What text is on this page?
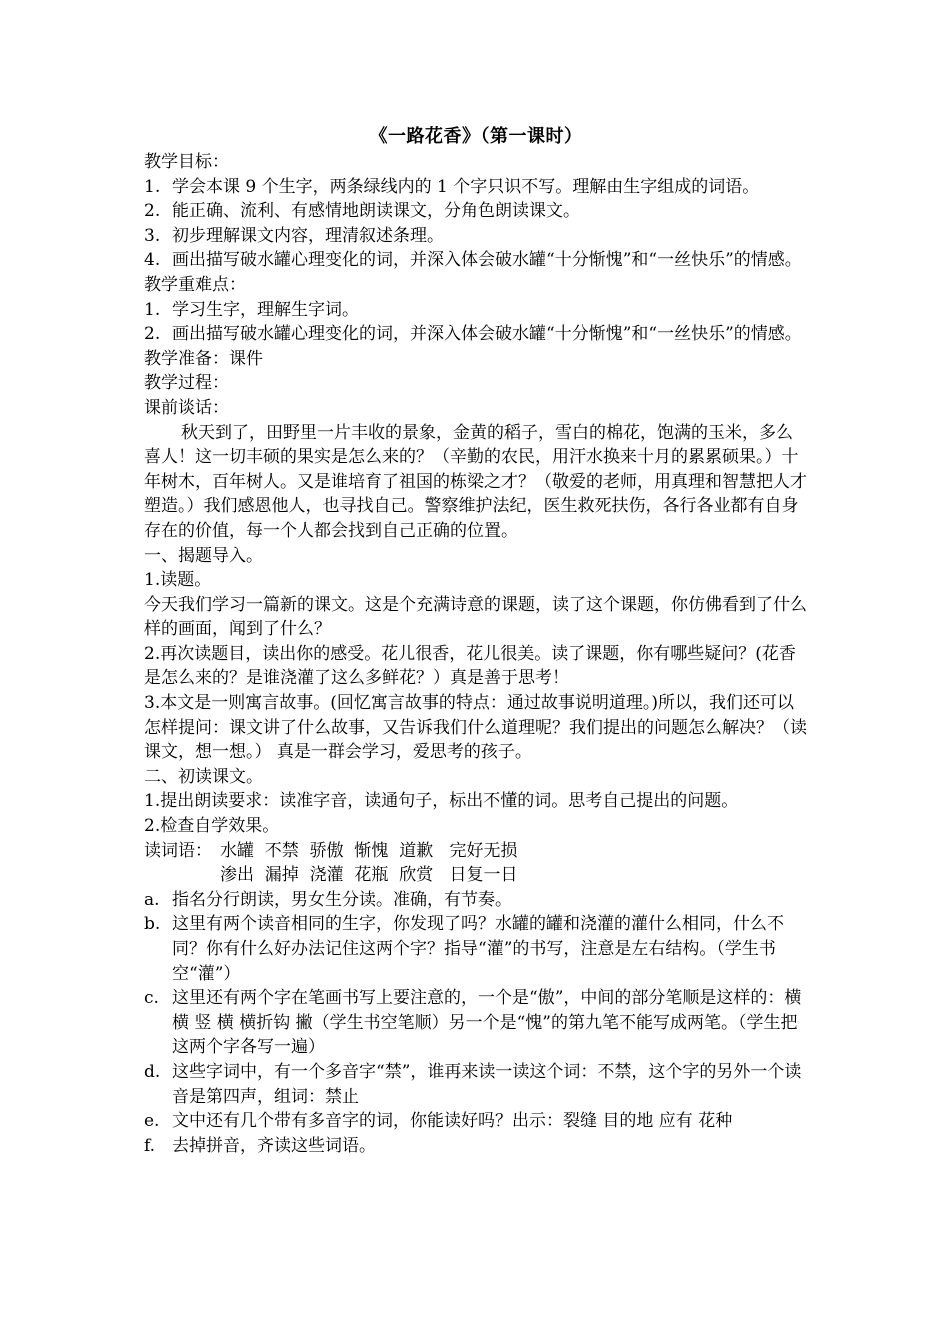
《一路花香》（第一课时）
教学目标：
1. 学会本课 9 个生字，两条绿线内的 1 个字只识不写。理解由生字组成的词语。
2. 能正确、流利、有感情地朗读课文，分角色朗读课文。
3. 初步理解课文内容，理清叙述条理。
4. 画出描写破水罐心理变化的词，并深入体会破水罐“十分惭愧”和“一丝快乐”的情感。
教学重难点：
1. 学习生字，理解生字词。
2. 画出描写破水罐心理变化的词，并深入体会破水罐“十分惭愧”和“一丝快乐”的情感。
教学准备：课件
教学过程：
课前谈话：
秋天到了，田野里一片丰收的景象，金黄的稻子，雪白的棉花，饱满的玉米，多么喜人！这一切丰硕的果实是怎么来的？（辛勤的农民，用汗水换来十月的累累硕果。）十年树木，百年树人。又是谁培育了祖国的栋梁之才？（敬爱的老师，用真理和智慧把人才塑造。）我们感恩他人，也寻找自己。警察维护法纪，医生救死扶伤，各行各业都有自身存在的价值，每一个人都会找到自己正确的位置。
一、揭题导入。
1.读题。
今天我们学习一篇新的课文。这是个充满诗意的课题，读了这个课题，你仿佛看到了什么样的画面，闻到了什么？
2.再次读题目，读出你的感受。花儿很香，花儿很美。读了课题，你有哪些疑问？(花香是怎么来的？是谁浇灌了这么多鲜花？）真是善于思考！
3.本文是一则寓言故事。(回忆寓言故事的特点：通过故事说明道理。)所以，我们还可以怎样提问：课文讲了什么故事，又告诉我们什么道理呢？我们提出的问题怎么解决？（读课文，想一想。） 真是一群会学习，爱思考的孩子。
二、初读课文。
1.提出朗读要求：读准字音，读通句子，标出不懂的词。思考自己提出的问题。
2.检查自学效果。
读词语： 水罐  不禁  骄傲  惭愧  道歉   完好无损
渗出  漏掉  浇灌  花瓶  欣赏   日复一日
a. 指名分行朗读，男女生分读。准确，有节奏。
b. 这里有两个读音相同的生字，你发现了吗？水罐的罐和浇灌的灌什么相同，什么不同？你有什么好办法记住这两个字？指导“灌”的书写，注意是左右结构。（学生书空“灌”）
c. 这里还有两个字在笔画书写上要注意的，一个是“傲”，中间的部分笔顺是这样的：横 横 竖 横 横折钩 撇（学生书空笔顺）另一个是“愧”的第九笔不能写成两笔。（学生把这两个字各写一遍）
d. 这些字词中，有一个多音字“禁”，谁再来读一读这个词：不禁，这个字的另外一个读音是第四声，组词：禁止
e. 文中还有几个带有多音字的词，你能读好吗？出示：裂缝 目的地 应有 花种
f. 去掉拼音，齐读这些词语。
